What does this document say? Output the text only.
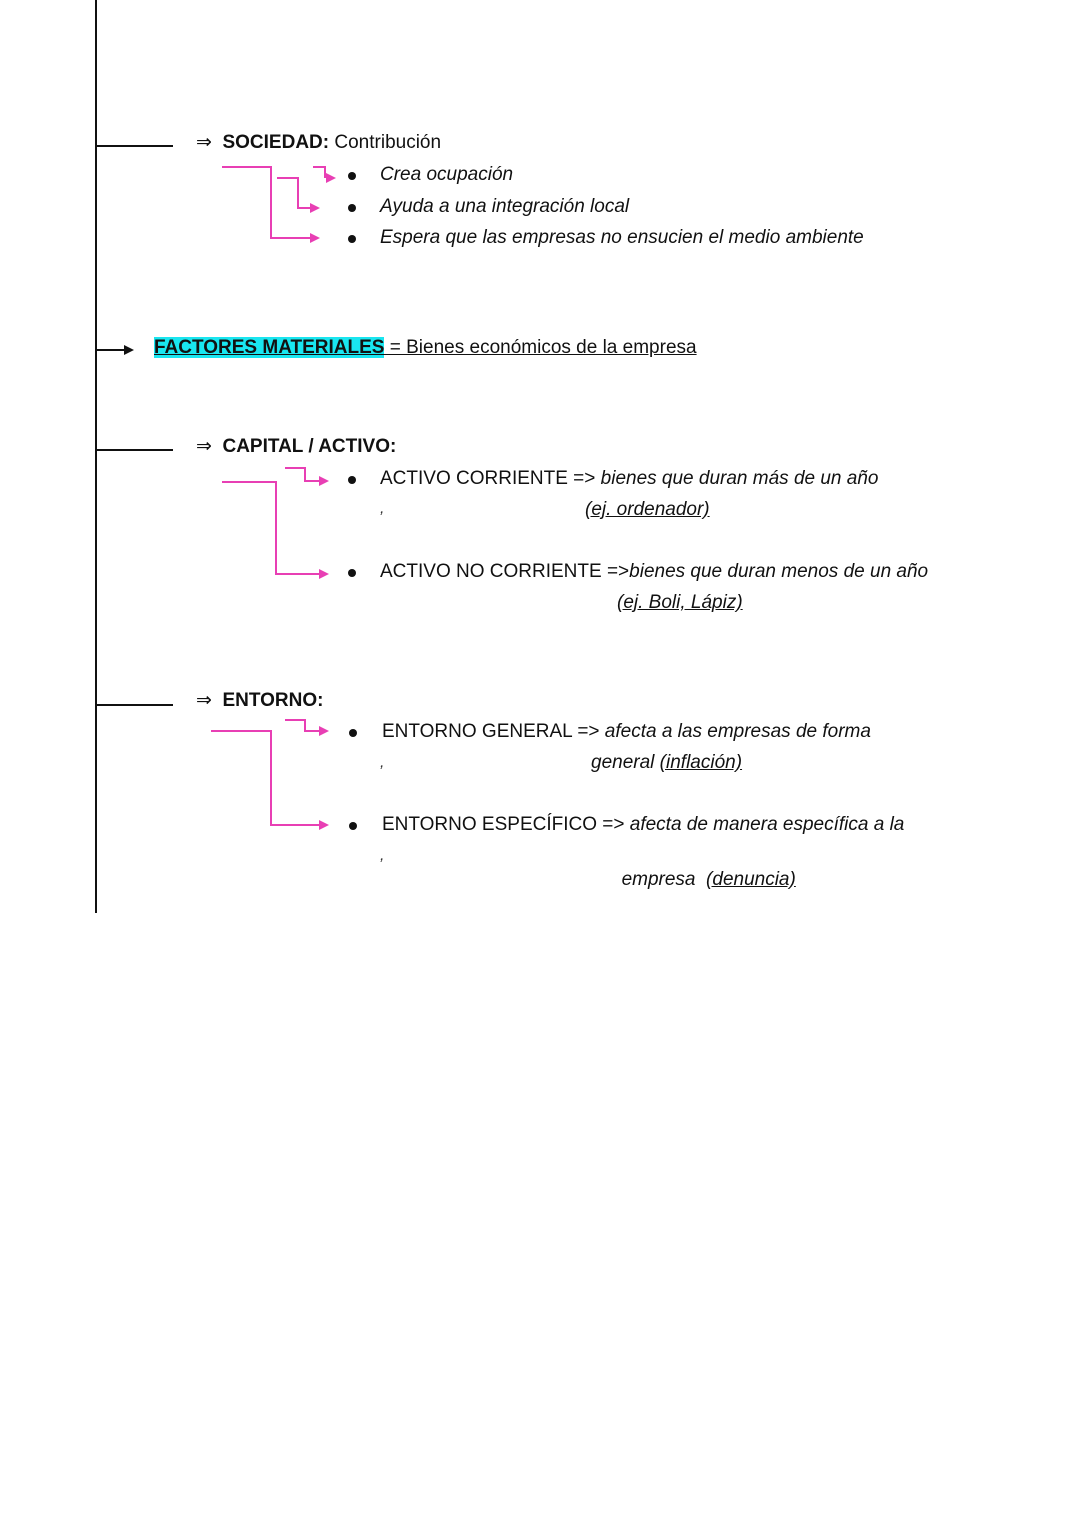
⇒ SOCIEDAD: Contribución
Crea ocupación
Ayuda a una integración local
Espera que las empresas no ensucien el medio ambiente
FACTORES MATERIALES = Bienes económicos de la empresa
⇒ CAPITAL / ACTIVO:
ACTIVO CORRIENTE => bienes que duran más de un año
,	(ej. ordenador)
ACTIVO NO CORRIENTE =>bienes que duran menos de un año
(ej. Boli, Lápiz)
⇒ ENTORNO:
ENTORNO GENERAL => afecta a las empresas de forma
,	general (inflación)
ENTORNO ESPECÍFICO => afecta de manera específica a la
,

empresa  (denuncia)
